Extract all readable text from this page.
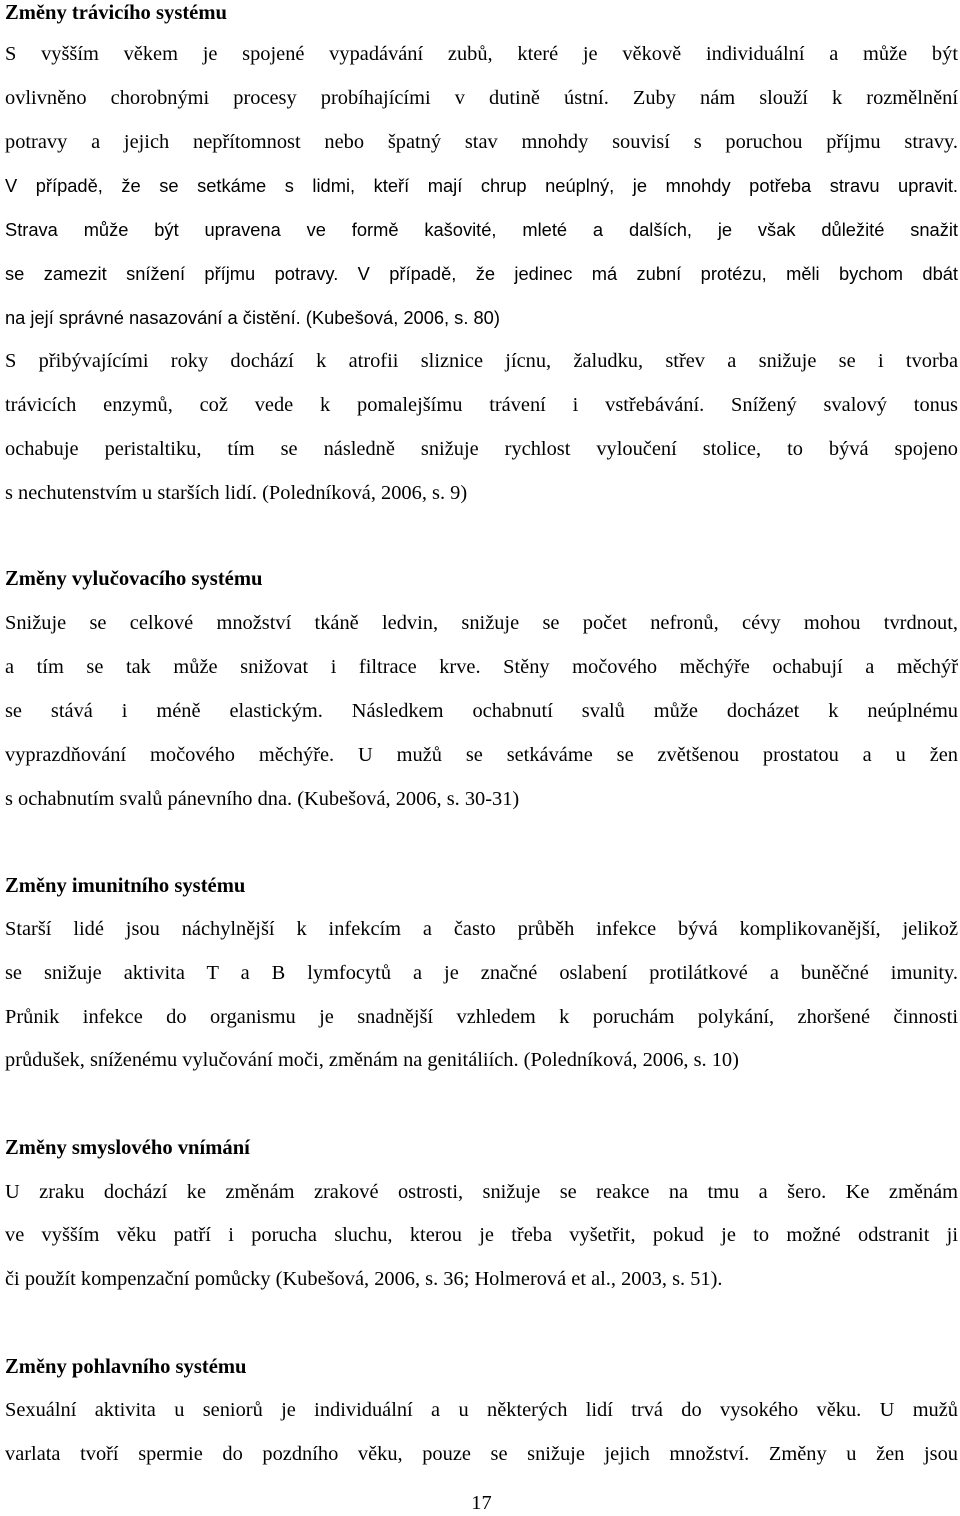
Změny trávicího systému
S vyšším věkem je spojené vypadávání zubů, které je věkově individuální a může být
ovlivněno chorobnými procesy probíhajícími v dutině ústní. Zuby nám slouží k rozmělnění
potravy a jejich nepřítomnost nebo špatný stav mnohdy souvisí s poruchou příjmu stravy.
V případě, že se setkáme s lidmi, kteří mají chrup neúplný, je mnohdy potřeba stravu upravit.
Strava může být upravena ve formě kašovité, mleté a dalších, je však důležité snažit
se zamezit snížení příjmu potravy. V případě, že jedinec má zubní protézu, měli bychom dbát
na její správné nasazování a čistění. (Kubešová, 2006, s. 80)
S přibývajícími roky dochází k atrofii sliznice jícnu, žaludku, střev a snižuje se i tvorba
trávicích enzymů, což vede k pomalejšímu trávení i vstřebávání. Snížený svalový tonus
ochabuje peristaltiku, tím se následně snižuje rychlost vyloučení stolice, to bývá spojeno
s nechutenstvím u starších lidí. (Poledníková, 2006, s. 9)
Změny vylučovacího systému
Snižuje se celkové množství tkáně ledvin, snižuje se počet nefronů, cévy mohou tvrdnout,
a tím se tak může snižovat i filtrace krve. Stěny močového měchýře ochabují a měchýř
se stává i méně elastickým. Následkem ochabnutí svalů může docházet k neúplnému
vyprazdňování močového měchýře. U mužů se setkáváme se zvětšenou prostatou a u žen
s ochabnutím svalů pánevního dna. (Kubešová, 2006, s. 30-31)
Změny imunitního systému
Starší lidé jsou náchylnější k infekcím a často průběh infekce bývá komplikovanější, jelikož
se snižuje aktivita T a B lymfocytů a je značné oslabení protilátkové a buněčné imunity.
Průnik infekce do organismu je snadnější vzhledem k poruchám polykání, zhoršené činnosti
průdušek, sníženému vylučování moči, změnám na genitáliích. (Poledníková, 2006, s. 10)
Změny smyslového vnímání
U zraku dochází ke změnám zrakové ostrosti, snižuje se reakce na tmu a šero. Ke změnám
ve vyšším věku patří i porucha sluchu, kterou je třeba vyšetřit, pokud je to možné odstranit ji
či použít kompenzační pomůcky (Kubešová, 2006, s. 36; Holmerová et al., 2003, s. 51).
Změny pohlavního systému
Sexuální aktivita u seniorů je individuální a u některých lidí trvá do vysokého věku. U mužů
varlata tvoří spermie do pozdního věku, pouze se snižuje jejich množství. Změny u žen jsou
17
